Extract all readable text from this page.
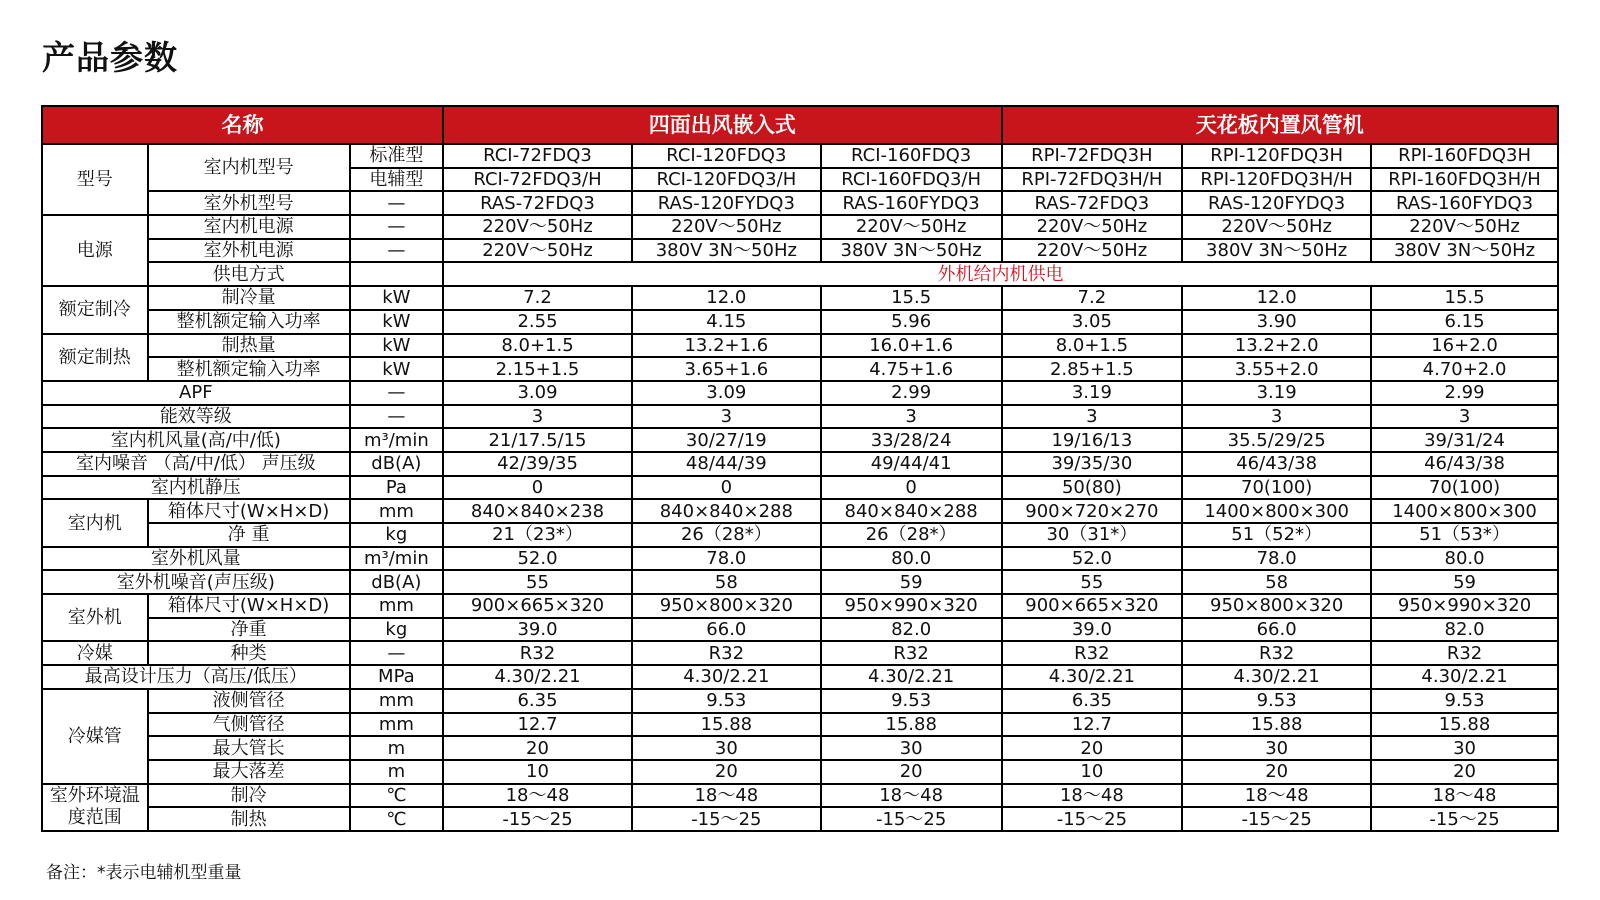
产品参数
名称			四面出风嵌入式			天花板内置风管机		
型号	室内机型号	标准型	RCI-72FDQ3	RCI-120FDQ3	RCI-160FDQ3	RPI-72FDQ3H	RPI-120FDQ3H	RPI-160FDQ3H
		电辅型	RCI-72FDQ3/H	RCI-120FDQ3/H	RCI-160FDQ3/H	RPI-72FDQ3H/H	RPI-120FDQ3H/H	RPI-160FDQ3H/H
	室外机型号	—	RAS-72FDQ3	RAS-120FYDQ3	RAS-160FYDQ3	RAS-72FDQ3	RAS-120FYDQ3	RAS-160FYDQ3
电源	室内机电源	—	220V～50Hz	220V～50Hz	220V～50Hz	220V～50Hz	220V～50Hz	220V～50Hz
	室外机电源	—	220V～50Hz	380V 3N～50Hz	380V 3N～50Hz	220V～50Hz	380V 3N～50Hz	380V 3N～50Hz
	供电方式		外机给内机供电					
额定制冷	制冷量	kW	7.2	12.0	15.5	7.2	12.0	15.5
	整机额定输入功率	kW	2.55	4.15	5.96	3.05	3.90	6.15
额定制热	制热量	kW	8.0+1.5	13.2+1.6	16.0+1.6	8.0+1.5	13.2+2.0	16+2.0
	整机额定输入功率	kW	2.15+1.5	3.65+1.6	4.75+1.6	2.85+1.5	3.55+2.0	4.70+2.0
APF		—	3.09	3.09	2.99	3.19	3.19	2.99
能效等级		—	3	3	3	3	3	3
室内机风量(高/中/低)		m³/min	21/17.5/15	30/27/19	33/28/24	19/16/13	35.5/29/25	39/31/24
室内噪音 （高/中/低） 声压级		dB(A)	42/39/35	48/44/39	49/44/41	39/35/30	46/43/38	46/43/38
室内机静压		Pa	0	0	0	50(80)	70(100)	70(100)
室内机	箱体尺寸(W×H×D)	mm	840×840×238	840×840×288	840×840×288	900×720×270	1400×800×300	1400×800×300
	净 重	kg	21（23*）	26（28*）	26（28*）	30（31*）	51（52*）	51（53*）
室外机风量		m³/min	52.0	78.0	80.0	52.0	78.0	80.0
室外机噪音(声压级)		dB(A)	55	58	59	55	58	59
室外机	箱体尺寸(W×H×D)	mm	900×665×320	950×800×320	950×990×320	900×665×320	950×800×320	950×990×320
	净重	kg	39.0	66.0	82.0	39.0	66.0	82.0
冷媒	种类	—	R32	R32	R32	R32	R32	R32
最高设计压力（高压/低压）		MPa	4.30/2.21	4.30/2.21	4.30/2.21	4.30/2.21	4.30/2.21	4.30/2.21
冷媒管	液侧管径	mm	6.35	9.53	9.53	6.35	9.53	9.53
	气侧管径	mm	12.7	15.88	15.88	12.7	15.88	15.88
	最大管长	m	20	30	30	20	30	30
	最大落差	m	10	20	20	10	20	20
室外环境温度范围	制冷	℃	18～48	18～48	18～48	18～48	18～48	18～48
	制热	℃	-15～25	-15～25	-15～25	-15～25	-15～25	-15～25
备注：*表示电辅机型重量
